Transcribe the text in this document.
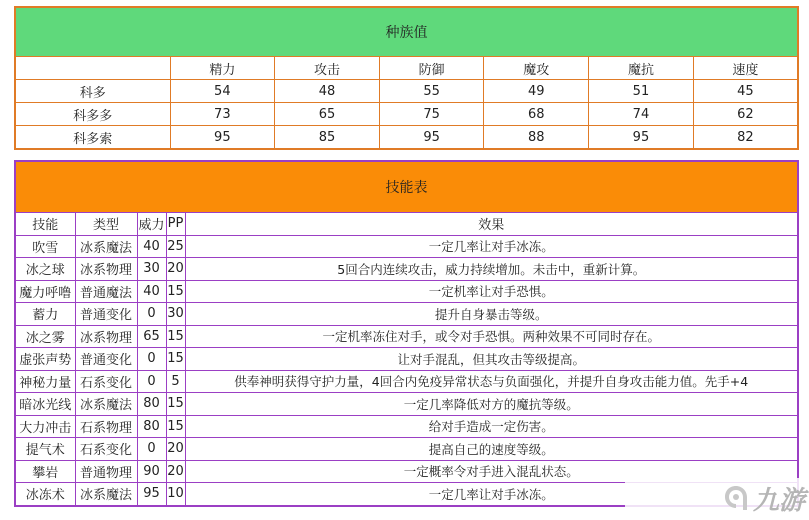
种族值						
	精力	攻击	防御	魔攻	魔抗	速度
科多	54	48	55	49	51	45
科多多	73	65	75	68	74	62
科多索	95	85	95	88	95	82
技能表				
技能	类型	威力	PP	效果
吹雪	冰系魔法	40	25	一定几率让对手冰冻。
冰之球	冰系物理	30	20	5回合内连续攻击，威力持续增加。未击中，重新计算。
魔力呼噜	普通魔法	40	15	一定机率让对手恐惧。
蓄力	普通变化	0	30	提升自身暴击等级。
冰之雾	冰系物理	65	15	一定机率冻住对手，或令对手恐惧。两种效果不可同时存在。
虚张声势	普通变化	0	15	让对手混乱，但其攻击等级提高。
神秘力量	石系变化	0	5	供奉神明获得守护力量，4回合内免疫异常状态与负面强化，并提升自身攻击能力值。先手+4
暗冰光线	冰系魔法	80	15	一定几率降低对方的魔抗等级。
大力冲击	石系物理	80	15	给对手造成一定伤害。
提气术	石系变化	0	20	提高自己的速度等级。
攀岩	普通物理	90	20	一定概率令对手进入混乱状态。
冰冻术	冰系魔法	95	10	一定几率让对手冰冻。	九游
